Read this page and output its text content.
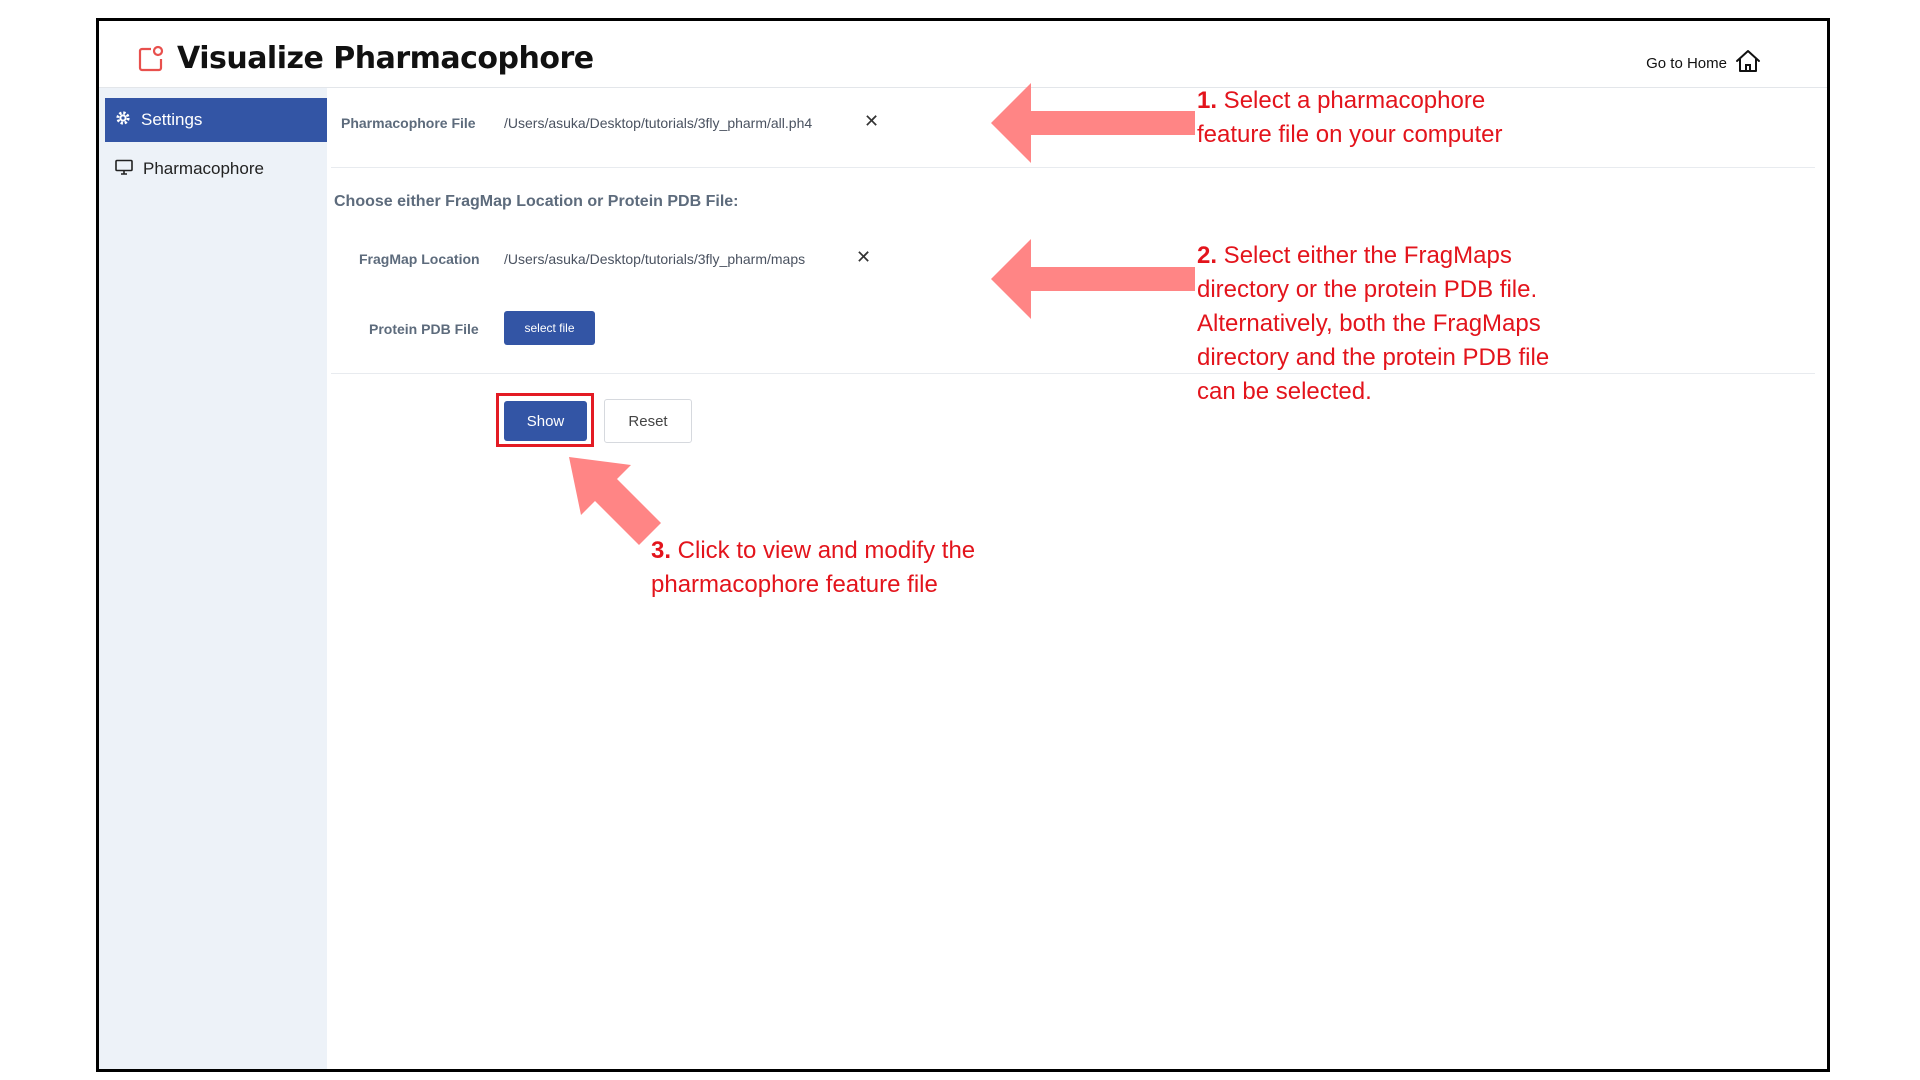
Visualize Pharmacophore	Go to Home
Settings
Pharmacophore
Pharmacophore File /Users/asuka/Desktop/tutorials/3fly_pharm/all.ph4	✕
Choose either FragMap Location or Protein PDB File:
FragMap Location /Users/asuka/Desktop/tutorials/3fly_pharm/maps	✕
Protein PDB File	select file
Show	Reset
1. Select a pharmacophore
feature file on your computer
2. Select either the FragMaps
directory or the protein PDB file.
Alternatively, both the FragMaps
directory and the protein PDB file
can be selected.
3. Click to view and modify the
pharmacophore feature file
